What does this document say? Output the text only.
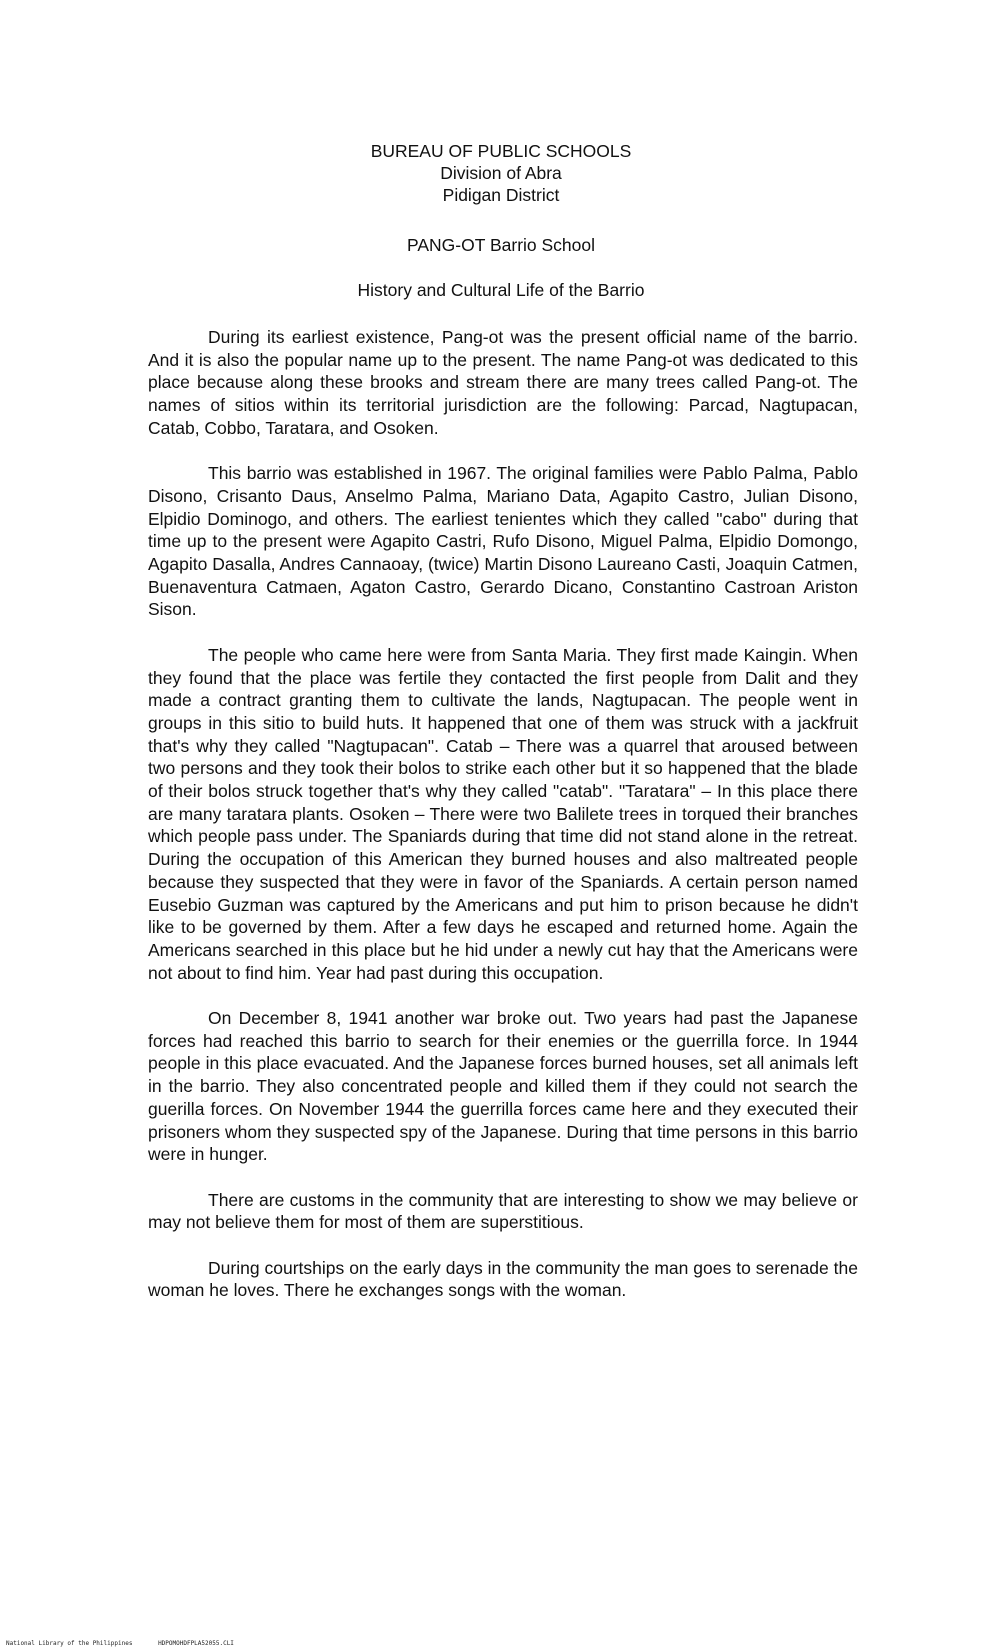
BUREAU OF PUBLIC SCHOOLS
Division of Abra
Pidigan District
PANG-OT Barrio School
History and Cultural Life of the Barrio

During its earliest existence, Pang-ot was the present official name of the barrio. And it is also the popular name up to the present. The name Pang-ot was dedicated to this place because along these brooks and stream there are many trees called Pang-ot. The names of sitios within its territorial jurisdiction are the following: Parcad, Nagtupacan, Catab, Cobbo, Taratara, and Osoken.

This barrio was established in 1967. The original families were Pablo Palma, Pablo Disono, Crisanto Daus, Anselmo Palma, Mariano Data, Agapito Castro, Julian Disono, Elpidio Dominogo, and others. The earliest tenientes which they called "cabo" during that time up to the present were Agapito Castri, Rufo Disono, Miguel Palma, Elpidio Domongo, Agapito Dasalla, Andres Cannaoay, (twice) Martin Disono Laureano Casti, Joaquin Catmen, Buenaventura Catmaen, Agaton Castro, Gerardo Dicano, Constantino Castroan Ariston Sison.

The people who came here were from Santa Maria. They first made Kaingin. When they found that the place was fertile they contacted the first people from Dalit and they made a contract granting them to cultivate the lands, Nagtupacan. The people went in groups in this sitio to build huts. It happened that one of them was struck with a jackfruit that's why they called "Nagtupacan". Catab – There was a quarrel that aroused between two persons and they took their bolos to strike each other but it so happened that the blade of their bolos struck together that's why they called "catab". "Taratara" – In this place there are many taratara plants. Osoken – There were two Balilete trees in torqued their branches which people pass under. The Spaniards during that time did not stand alone in the retreat. During the occupation of this American they burned houses and also maltreated people because they suspected that they were in favor of the Spaniards. A certain person named Eusebio Guzman was captured by the Americans and put him to prison because he didn't like to be governed by them. After a few days he escaped and returned home. Again the Americans searched in this place but he hid under a newly cut hay that the Americans were not about to find him. Year had past during this occupation.

On December 8, 1941 another war broke out. Two years had past the Japanese forces had reached this barrio to search for their enemies or the guerrilla force. In 1944 people in this place evacuated. And the Japanese forces burned houses, set all animals left in the barrio. They also concentrated people and killed them if they could not search the guerilla forces. On November 1944 the guerrilla forces came here and they executed their prisoners whom they suspected spy of the Japanese. During that time persons in this barrio were in hunger.

There are customs in the community that are interesting to show we may believe or may not believe them for most of them are superstitious.

During courtships on the early days in the community the man goes to serenade the woman he loves. There he exchanges songs with the woman.

National Library of the Philippines	HDPOMOHDFPLA52055.CLI
